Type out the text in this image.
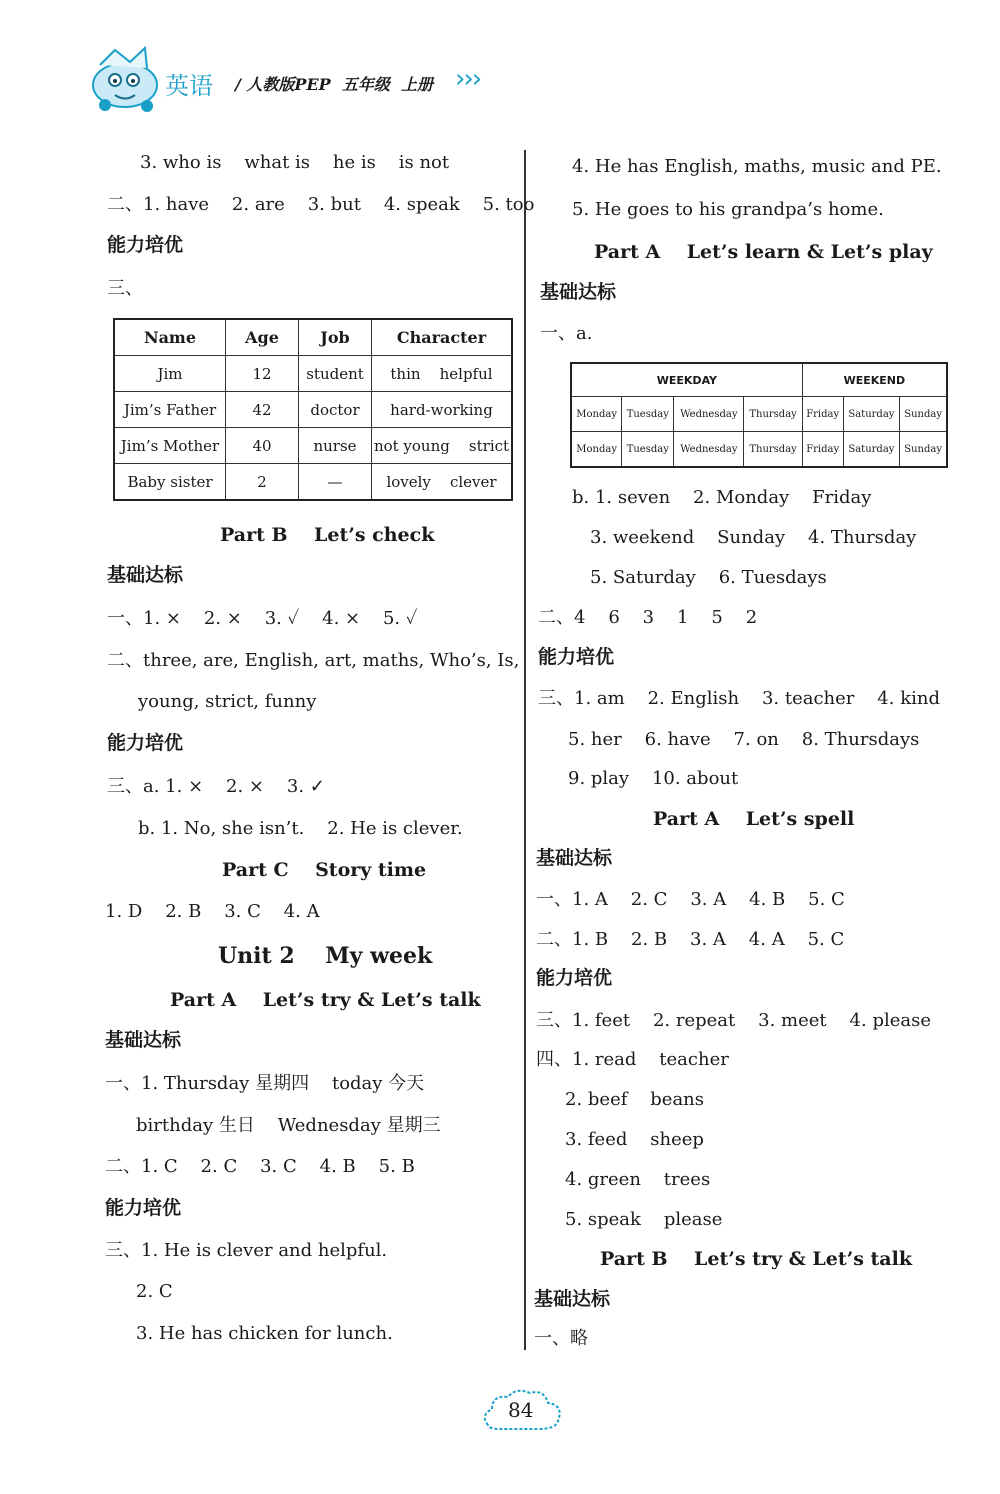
英语 / 人教版PEP  五年级  上册 ›››
3. who is    what is    he is    is not
二、1. have    2. are    3. but    4. speak    5. too
能力培优
三、
Part B    Let’s check
基础达标
一、1. ×    2. ×    3. ✓    4. ×    5. ✓
二、three, are, English, art, maths, Who’s, Is,
young, strict, funny
能力培优
三、a. 1. ×    2. ×    3. ✓
b. 1. No, she isn’t.    2. He is clever.
Part C    Story time
1. D    2. B    3. C    4. A
Unit 2    My week
Part A    Let’s try & Let’s talk
基础达标
一、1. Thursday 星期四    today 今天
birthday 生日    Wednesday 星期三
二、1. C    2. C    3. C    4. B    5. B
能力培优
三、1. He is clever and helpful.
2. C
3. He has chicken for lunch.
4. He has English, maths, music and PE.
5. He goes to his grandpa’s home.
Part A    Let’s learn & Let’s play
基础达标
一、a.
b. 1. seven    2. Monday    Friday
3. weekend    Sunday    4. Thursday
5. Saturday    6. Tuesdays
二、4    6    3    1    5    2
能力培优
三、1. am    2. English    3. teacher    4. kind
5. her    6. have    7. on    8. Thursdays
9. play    10. about
Part A    Let’s spell
基础达标
一、1. A    2. C    3. A    4. B    5. C
二、1. B    2. B    3. A    4. A    5. C
能力培优
三、1. feet    2. repeat    3. meet    4. please
四、1. read    teacher
2. beef    beans
3. feed    sheep
4. green    trees
5. speak    please
Part B    Let’s try & Let’s talk
基础达标
一、略
Name	Age	Job	Character
Jim	12	student	thin    helpful
Jim’s Father	42	doctor	hard-working
Jim’s Mother	40	nurse	not young    strict
Baby sister	2	—	lovely    clever
WEEKDAY				WEEKEND		
Monday	Tuesday	Wednesday	Thursday	Friday	Saturday	Sunday
Monday	Tuesday	Wednesday	Thursday	Friday	Saturday	Sunday
84
